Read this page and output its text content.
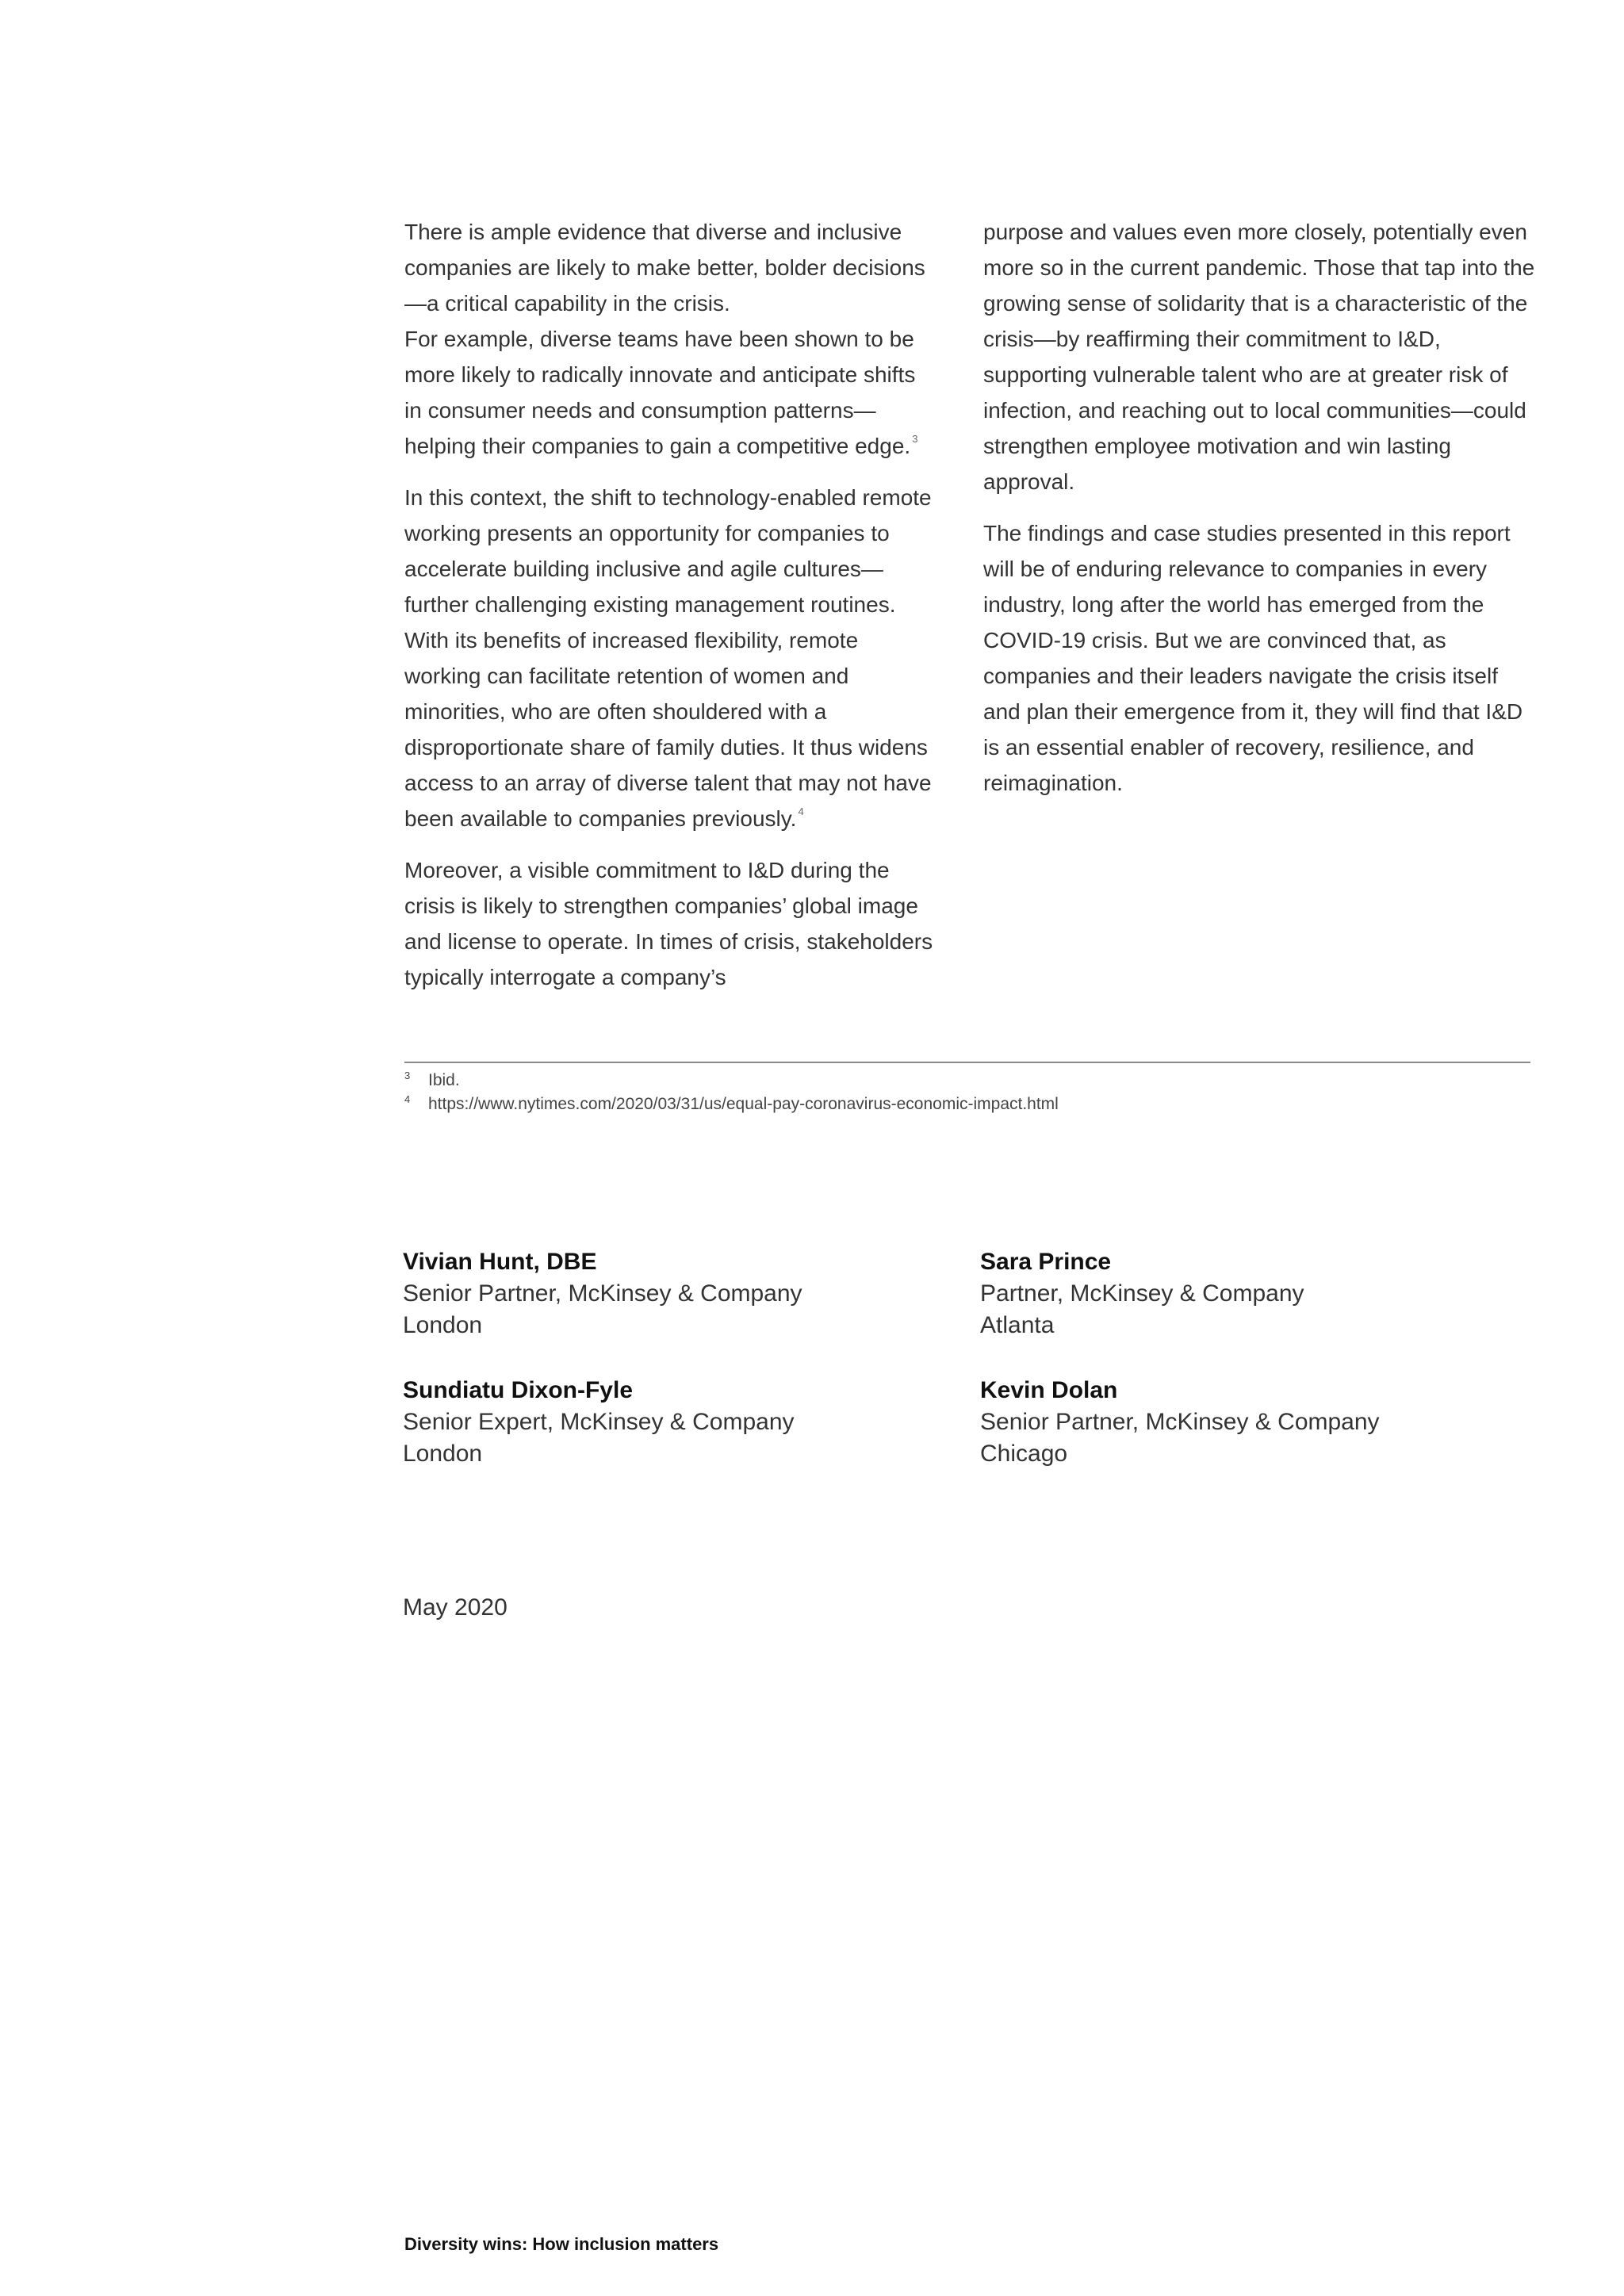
There is ample evidence that diverse and inclusive companies are likely to make better, bolder decisions—a critical capability in the crisis.
For example, diverse teams have been shown to be more likely to radically innovate and anticipate shifts in consumer needs and consumption patterns—helping their companies to gain a competitive edge. $^3$

In this context, the shift to technology-enabled remote working presents an opportunity for companies to accelerate building inclusive and agile cultures—further challenging existing management routines. With its benefits of increased flexibility, remote working can facilitate retention of women and minorities, who are often shouldered with a disproportionate share of family duties. It thus widens access to an array of diverse talent that may not have been available to companies previously. $^4$

Moreover, a visible commitment to I&D during the crisis is likely to strengthen companies’ global image and license to operate. In times of crisis, stakeholders typically interrogate a company’s

purpose and values even more closely, potentially even more so in the current pandemic. Those that tap into the growing sense of solidarity that is a characteristic of the crisis—by reaffirming their commitment to I&D, supporting vulnerable talent who are at greater risk of infection, and reaching out to local communities—could strengthen employee motivation and win lasting approval.

The findings and case studies presented in this report will be of enduring relevance to companies in every industry, long after the world has emerged from the COVID-19 crisis. But we are convinced that, as companies and their leaders navigate the crisis itself and plan their emergence from it, they will find that I&D is an essential enabler of recovery, resilience, and reimagination.

3 Ibid.
4 https://www.nytimes.com/2020/03/31/us/equal-pay-coronavirus-economic-impact.html
Vivian Hunt, DBE
Senior Partner, McKinsey & Company
London
Sara Prince
Partner, McKinsey & Company
Atlanta
Sundiatu Dixon-Fyle
Senior Expert, McKinsey & Company
London
Kevin Dolan
Senior Partner, McKinsey & Company
Chicago
May 2020
Diversity wins: How inclusion matters
